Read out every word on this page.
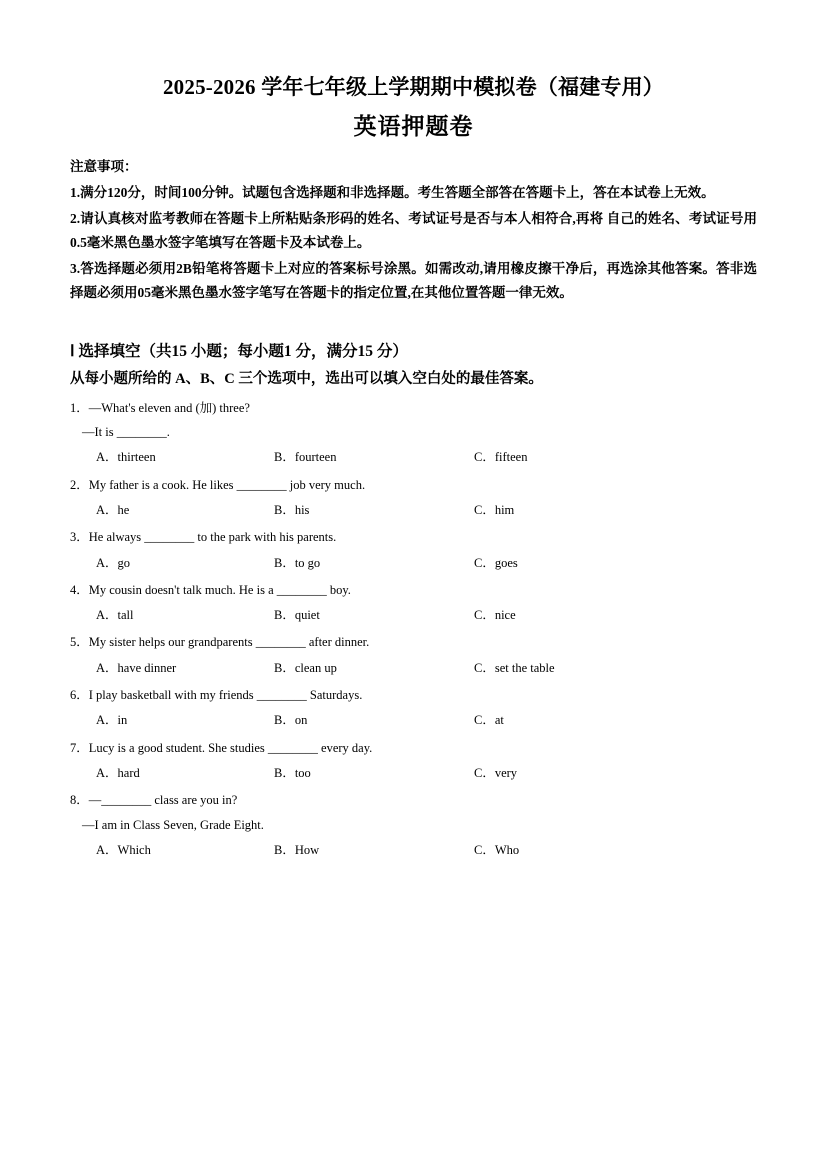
2025-2026 学年七年级上学期期中模拟卷（福建专用）
英语押题卷
注意事项：

1.满分120分，时间100分钟。试题包含选择题和非选择题。考生答题全部答在答题卡上，答在本试卷上无效。

2.请认真核对监考教师在答题卡上所粘贴条形码的姓名、考试证号是否与本人相符合,再将 自己的姓名、考试证号用0.5毫米黑色墨水签字笔填写在答题卡及本试卷上。

3.答选择题必须用2B铅笔将答题卡上对应的答案标号涂黑。如需改动,请用橡皮擦干净后，再选涂其他答案。答非选择题必须用05毫米黑色墨水签字笔写在答题卡的指定位置,在其他位置答题一律无效。

Ⅰ 选择填空（共15 小题；每小题1 分，满分15 分）
从每小题所给的 A、B、C 三个选项中，选出可以填入空白处的最佳答案。

1．—What's eleven and (加) three?

—It is ________.

A．thirteen	B．fourteen	C．fifteen

2．My father is a cook. He likes ________ job very much.

A．he	B．his	C．him

3．He always ________ to the park with his parents.

A．go	B．to go	C．goes

4．My cousin doesn't talk much. He is a ________ boy.

A．tall	B．quiet	C．nice

5．My sister helps our grandparents ________ after dinner.

A．have dinner	B．clean up	C．set the table

6．I play basketball with my friends ________ Saturdays.

A．in	B．on	C．at

7．Lucy is a good student. She studies ________ every day.

A．hard	B．too	C．very

8．—________ class are you in?

—I am in Class Seven, Grade Eight.

A．Which	B．How	C．Who
